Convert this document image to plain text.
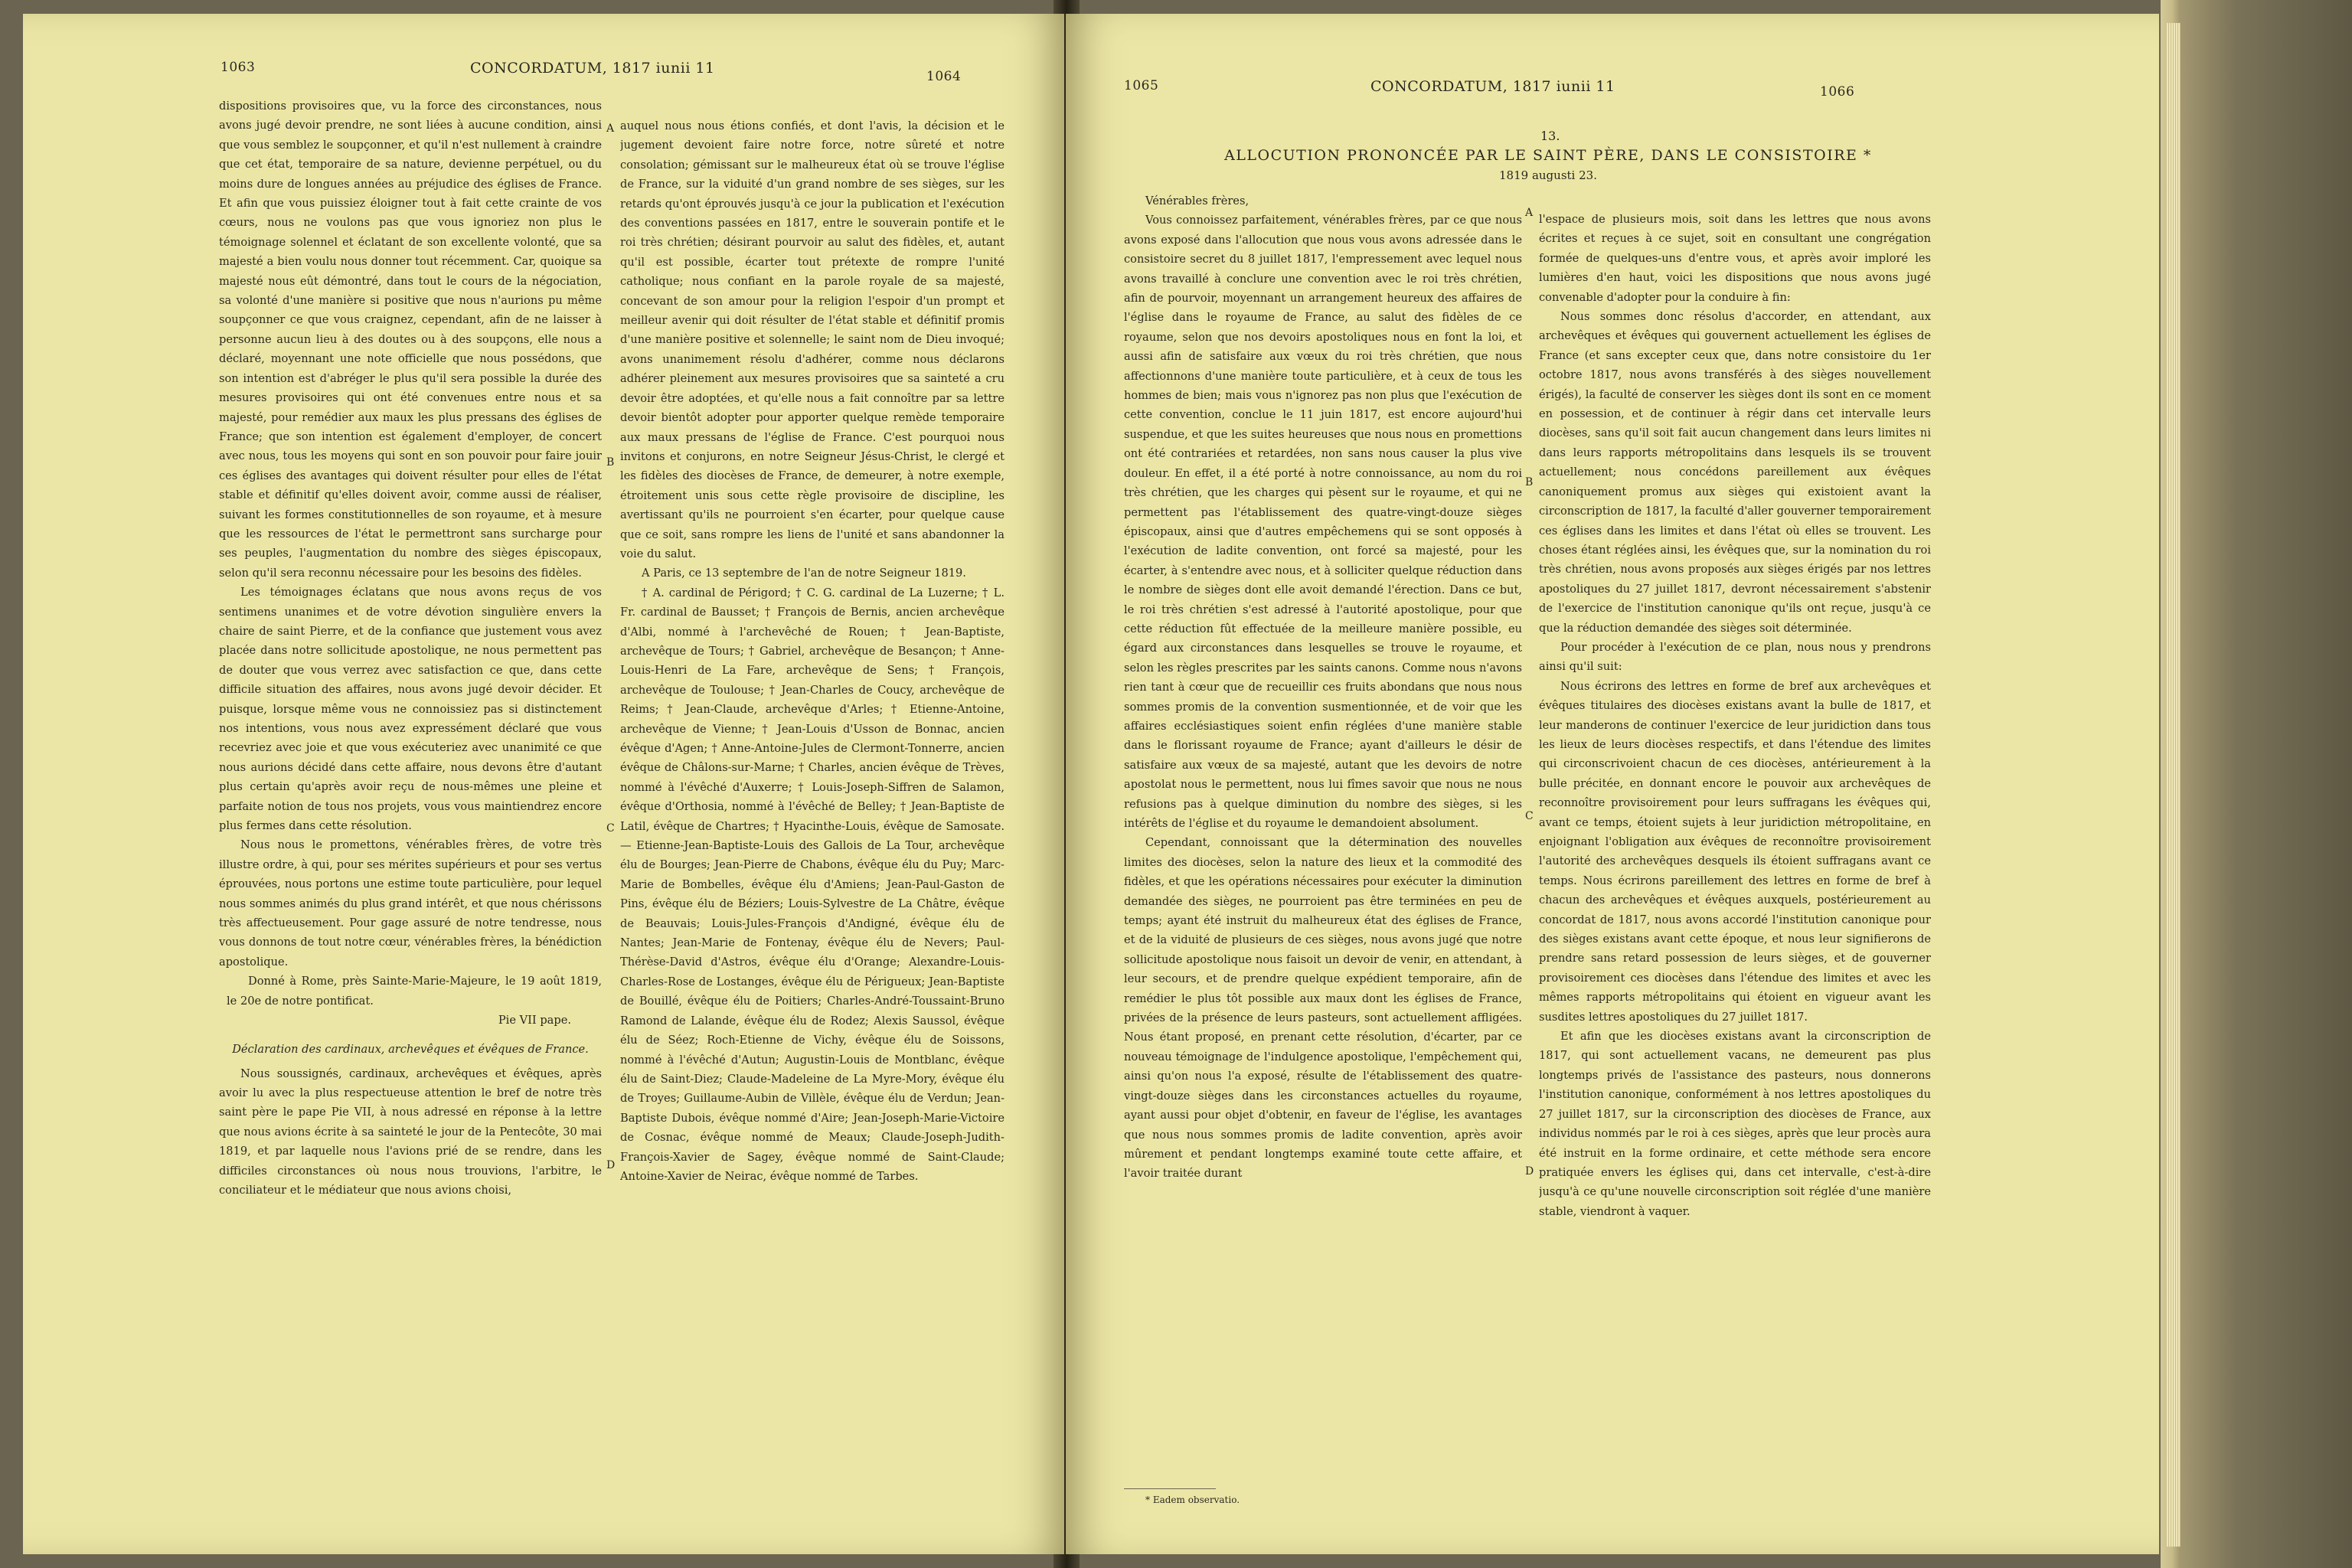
1063	CONCORDATUM, 1817 iunii 11	1064

dispositions provisoires que, vu la force des circonstances, nous avons jugé devoir prendre, ne sont liées à aucune condition, ainsi que vous semblez le soupçonner, et qu'il n'est nullement à craindre que cet état, temporaire de sa nature, devienne perpétuel, ou du moins dure de longues années au préjudice des églises de France. Et afin que vous puissiez éloigner tout à fait cette crainte de vos cœurs, nous ne voulons pas que vous ignoriez non plus le témoignage solennel et éclatant de son excellente volonté, que sa majesté a bien voulu nous donner tout récemment. Car, quoique sa majesté nous eût démontré, dans tout le cours de la négociation, sa volonté d'une manière si positive que nous n'aurions pu même soupçonner ce que vous craignez, cependant, afin de ne laisser à personne aucun lieu à des doutes ou à des soupçons, elle nous a déclaré, moyennant une note officielle que nous possédons, que son intention est d'abréger le plus qu'il sera possible la durée des mesures provisoires qui ont été convenues entre nous et sa majesté, pour remédier aux maux les plus pressans des églises de France; que son intention est également d'employer, de concert avec nous, tous les moyens qui sont en son pouvoir pour faire jouir ces églises des avantages qui doivent résulter pour elles de l'état stable et définitif qu'elles doivent avoir, comme aussi de réaliser, suivant les formes constitutionnelles de son royaume, et à mesure que les ressources de l'état le permettront sans surcharge pour ses peuples, l'augmentation du nombre des sièges épiscopaux, selon qu'il sera reconnu nécessaire pour les besoins des fidèles.

Les témoignages éclatans que nous avons reçus de vos sentimens unanimes et de votre dévotion singulière envers la chaire de saint Pierre, et de la confiance que justement vous avez placée dans notre sollicitude apostolique, ne nous permettent pas de douter que vous verrez avec satisfaction ce que, dans cette difficile situation des affaires, nous avons jugé devoir décider. Et puisque, lorsque même vous ne connoissiez pas si distinctement nos intentions, vous nous avez expressément déclaré que vous recevriez avec joie et que vous exécuteriez avec unanimité ce que nous aurions décidé dans cette affaire, nous devons être d'autant plus certain qu'après avoir reçu de nous-mêmes une pleine et parfaite notion de tous nos projets, vous vous maintiendrez encore plus fermes dans cette résolution.

Nous nous le promettons, vénérables frères, de votre très illustre ordre, à qui, pour ses mérites supérieurs et pour ses vertus éprouvées, nous portons une estime toute particulière, pour lequel nous sommes animés du plus grand intérêt, et que nous chérissons très affectueusement. Pour gage assuré de notre tendresse, nous vous donnons de tout notre cœur, vénérables frères, la bénédiction apostolique.

Donné à Rome, près Sainte-Marie-Majeure, le 19 août 1819, le 20e de notre pontificat.

Pie VII pape.

Déclaration des cardinaux, archevêques et évêques de France.

Nous soussignés, cardinaux, archevêques et évêques, après avoir lu avec la plus respectueuse attention le bref de notre très saint père le pape Pie VII, à nous adressé en réponse à la lettre que nous avions écrite à sa sainteté le jour de la Pentecôte, 30 mai 1819, et par laquelle nous l'avions prié de se rendre, dans les difficiles circonstances où nous nous trouvions, l'arbitre, le conciliateur et le médiateur que nous avions choisi,

A
B
C
D

auquel nous nous étions confiés, et dont l'avis, la décision et le jugement devoient faire notre force, notre sûreté et notre consolation; gémissant sur le malheureux état où se trouve l'église de France, sur la viduité d'un grand nombre de ses sièges, sur les retards qu'ont éprouvés jusqu'à ce jour la publication et l'exécution des conventions passées en 1817, entre le souverain pontife et le roi très chrétien; désirant pourvoir au salut des fidèles, et, autant qu'il est possible, écarter tout prétexte de rompre l'unité catholique; nous confiant en la parole royale de sa majesté, concevant de son amour pour la religion l'espoir d'un prompt et meilleur avenir qui doit résulter de l'état stable et définitif promis d'une manière positive et solennelle; le saint nom de Dieu invoqué; avons unanimement résolu d'adhérer, comme nous déclarons adhérer pleinement aux mesures provisoires que sa sainteté a cru devoir être adoptées, et qu'elle nous a fait connoître par sa lettre devoir bientôt adopter pour apporter quelque remède temporaire aux maux pressans de l'église de France. C'est pourquoi nous invitons et conjurons, en notre Seigneur Jésus-Christ, le clergé et les fidèles des diocèses de France, de demeurer, à notre exemple, étroitement unis sous cette règle provisoire de discipline, les avertissant qu'ils ne pourroient s'en écarter, pour quelque cause que ce soit, sans rompre les liens de l'unité et sans abandonner la voie du salut.

A Paris, ce 13 septembre de l'an de notre Seigneur 1819.

† A. cardinal de Périgord; † C. G. cardinal de La Luzerne; † L. Fr. cardinal de Bausset; † François de Bernis, ancien archevêque d'Albi, nommé à l'archevêché de Rouen; † Jean-Baptiste, archevêque de Tours; † Gabriel, archevêque de Besançon; † Anne-Louis-Henri de La Fare, archevêque de Sens; † François, archevêque de Toulouse; † Jean-Charles de Coucy, archevêque de Reims; † Jean-Claude, archevêque d'Arles; † Etienne-Antoine, archevêque de Vienne; † Jean-Louis d'Usson de Bonnac, ancien évêque d'Agen; † Anne-Antoine-Jules de Clermont-Tonnerre, ancien évêque de Châlons-sur-Marne; † Charles, ancien évêque de Trèves, nommé à l'évêché d'Auxerre; † Louis-Joseph-Siffren de Salamon, évêque d'Orthosia, nommé à l'évêché de Belley; † Jean-Baptiste de Latil, évêque de Chartres; † Hyacinthe-Louis, évêque de Samosate. — Etienne-Jean-Baptiste-Louis des Gallois de La Tour, archevêque élu de Bourges; Jean-Pierre de Chabons, évêque élu du Puy; Marc-Marie de Bombelles, évêque élu d'Amiens; Jean-Paul-Gaston de Pins, évêque élu de Béziers; Louis-Sylvestre de La Châtre, évêque de Beauvais; Louis-Jules-François d'Andigné, évêque élu de Nantes; Jean-Marie de Fontenay, évêque élu de Nevers; Paul-Thérèse-David d'Astros, évêque élu d'Orange; Alexandre-Louis-Charles-Rose de Lostanges, évêque élu de Périgueux; Jean-Baptiste de Bouillé, évêque élu de Poitiers; Charles-André-Toussaint-Bruno Ramond de Lalande, évêque élu de Rodez; Alexis Saussol, évêque élu de Séez; Roch-Etienne de Vichy, évêque élu de Soissons, nommé à l'évêché d'Autun; Augustin-Louis de Montblanc, évêque élu de Saint-Diez; Claude-Madeleine de La Myre-Mory, évêque élu de Troyes; Guillaume-Aubin de Villèle, évêque élu de Verdun; Jean-Baptiste Dubois, évêque nommé d'Aire; Jean-Joseph-Marie-Victoire de Cosnac, évêque nommé de Meaux; Claude-Joseph-Judith-François-Xavier de Sagey, évêque nommé de Saint-Claude; Antoine-Xavier de Neirac, évêque nommé de Tarbes.

1065	CONCORDATUM, 1817 iunii 11	1066
13.
ALLOCUTION PRONONCÉE PAR LE SAINT PÈRE, DANS LE CONSISTOIRE *
1819 augusti 23.

Vénérables frères,

Vous connoissez parfaitement, vénérables frères, par ce que nous avons exposé dans l'allocution que nous vous avons adressée dans le consistoire secret du 8 juillet 1817, l'empressement avec lequel nous avons travaillé à conclure une convention avec le roi très chrétien, afin de pourvoir, moyennant un arrangement heureux des affaires de l'église dans le royaume de France, au salut des fidèles de ce royaume, selon que nos devoirs apostoliques nous en font la loi, et aussi afin de satisfaire aux vœux du roi très chrétien, que nous affectionnons d'une manière toute particulière, et à ceux de tous les hommes de bien; mais vous n'ignorez pas non plus que l'exécution de cette convention, conclue le 11 juin 1817, est encore aujourd'hui suspendue, et que les suites heureuses que nous nous en promettions ont été contrariées et retardées, non sans nous causer la plus vive douleur. En effet, il a été porté à notre connoissance, au nom du roi très chrétien, que les charges qui pèsent sur le royaume, et qui ne permettent pas l'établissement des quatre-vingt-douze sièges épiscopaux, ainsi que d'autres empêchemens qui se sont opposés à l'exécution de ladite convention, ont forcé sa majesté, pour les écarter, à s'entendre avec nous, et à solliciter quelque réduction dans le nombre de sièges dont elle avoit demandé l'érection. Dans ce but, le roi très chrétien s'est adressé à l'autorité apostolique, pour que cette réduction fût effectuée de la meilleure manière possible, eu égard aux circonstances dans lesquelles se trouve le royaume, et selon les règles prescrites par les saints canons. Comme nous n'avons rien tant à cœur que de recueillir ces fruits abondans que nous nous sommes promis de la convention susmentionnée, et de voir que les affaires ecclésiastiques soient enfin réglées d'une manière stable dans le florissant royaume de France; ayant d'ailleurs le désir de satisfaire aux vœux de sa majesté, autant que les devoirs de notre apostolat nous le permettent, nous lui fîmes savoir que nous ne nous refusions pas à quelque diminution du nombre des sièges, si les intérêts de l'église et du royaume le demandoient absolument.

Cependant, connoissant que la détermination des nouvelles limites des diocèses, selon la nature des lieux et la commodité des fidèles, et que les opérations nécessaires pour exécuter la diminution demandée des sièges, ne pourroient pas être terminées en peu de temps; ayant été instruit du malheureux état des églises de France, et de la viduité de plusieurs de ces sièges, nous avons jugé que notre sollicitude apostolique nous faisoit un devoir de venir, en attendant, à leur secours, et de prendre quelque expédient temporaire, afin de remédier le plus tôt possible aux maux dont les églises de France, privées de la présence de leurs pasteurs, sont actuellement affligées. Nous étant proposé, en prenant cette résolution, d'écarter, par ce nouveau témoignage de l'indulgence apostolique, l'empêchement qui, ainsi qu'on nous l'a exposé, résulte de l'établissement des quatre-vingt-douze sièges dans les circonstances actuelles du royaume, ayant aussi pour objet d'obtenir, en faveur de l'église, les avantages que nous nous sommes promis de ladite convention, après avoir mûrement et pendant longtemps examiné toute cette affaire, et l'avoir traitée durant

A
B
C
D

l'espace de plusieurs mois, soit dans les lettres que nous avons écrites et reçues à ce sujet, soit en consultant une congrégation formée de quelques-uns d'entre vous, et après avoir imploré les lumières d'en haut, voici les dispositions que nous avons jugé convenable d'adopter pour la conduire à fin:

Nous sommes donc résolus d'accorder, en attendant, aux archevêques et évêques qui gouvernent actuellement les églises de France (et sans excepter ceux que, dans notre consistoire du 1er octobre 1817, nous avons transférés à des sièges nouvellement érigés), la faculté de conserver les sièges dont ils sont en ce moment en possession, et de continuer à régir dans cet intervalle leurs diocèses, sans qu'il soit fait aucun changement dans leurs limites ni dans leurs rapports métropolitains dans lesquels ils se trouvent actuellement; nous concédons pareillement aux évêques canoniquement promus aux sièges qui existoient avant la circonscription de 1817, la faculté d'aller gouverner temporairement ces églises dans les limites et dans l'état où elles se trouvent. Les choses étant réglées ainsi, les évêques que, sur la nomination du roi très chrétien, nous avons proposés aux sièges érigés par nos lettres apostoliques du 27 juillet 1817, devront nécessairement s'abstenir de l'exercice de l'institution canonique qu'ils ont reçue, jusqu'à ce que la réduction demandée des sièges soit déterminée.

Pour procéder à l'exécution de ce plan, nous nous y prendrons ainsi qu'il suit:

Nous écrirons des lettres en forme de bref aux archevêques et évêques titulaires des diocèses existans avant la bulle de 1817, et leur manderons de continuer l'exercice de leur juridiction dans tous les lieux de leurs diocèses respectifs, et dans l'étendue des limites qui circonscrivoient chacun de ces diocèses, antérieurement à la bulle précitée, en donnant encore le pouvoir aux archevêques de reconnoître provisoirement pour leurs suffragans les évêques qui, avant ce temps, étoient sujets à leur juridiction métropolitaine, en enjoignant l'obligation aux évêques de reconnoître provisoirement l'autorité des archevêques desquels ils étoient suffragans avant ce temps. Nous écrirons pareillement des lettres en forme de bref à chacun des archevêques et évêques auxquels, postérieurement au concordat de 1817, nous avons accordé l'institution canonique pour des sièges existans avant cette époque, et nous leur signifierons de prendre sans retard possession de leurs sièges, et de gouverner provisoirement ces diocèses dans l'étendue des limites et avec les mêmes rapports métropolitains qui étoient en vigueur avant les susdites lettres apostoliques du 27 juillet 1817.

Et afin que les diocèses existans avant la circonscription de 1817, qui sont actuellement vacans, ne demeurent pas plus longtemps privés de l'assistance des pasteurs, nous donnerons l'institution canonique, conformément à nos lettres apostoliques du 27 juillet 1817, sur la circonscription des diocèses de France, aux individus nommés par le roi à ces sièges, après que leur procès aura été instruit en la forme ordinaire, et cette méthode sera encore pratiquée envers les églises qui, dans cet intervalle, c'est-à-dire jusqu'à ce qu'une nouvelle circonscription soit réglée d'une manière stable, viendront à vaquer.

* Eadem observatio.
